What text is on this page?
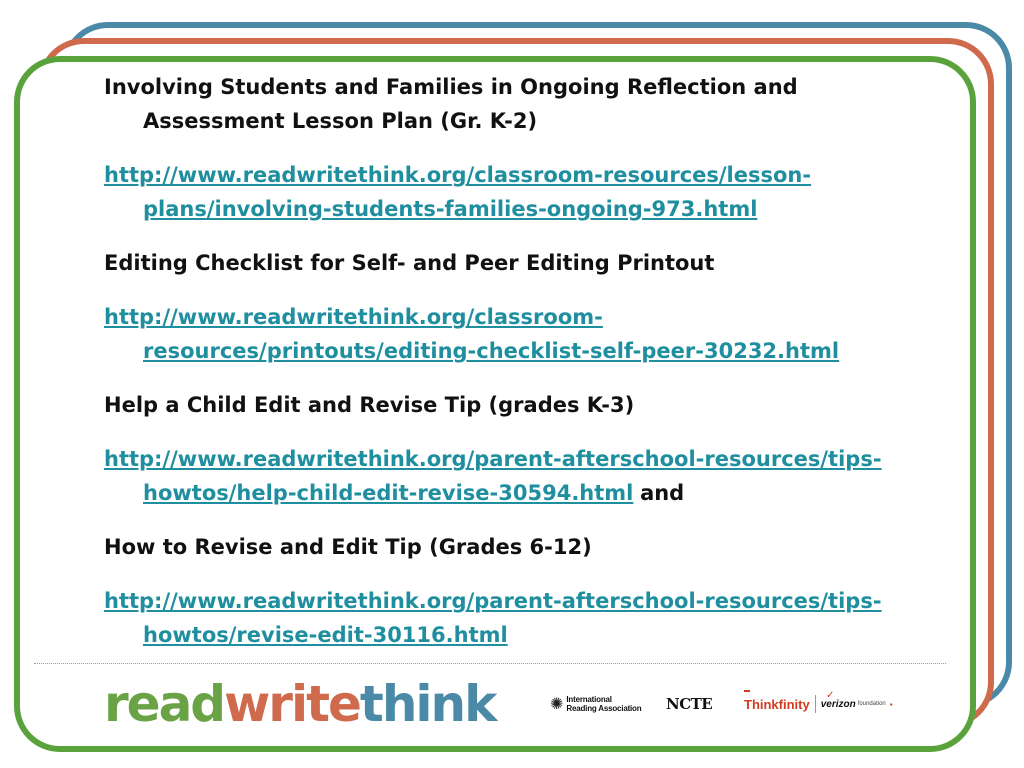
Involving Students and Families in Ongoing Reflection and Assessment Lesson Plan (Gr. K-2)

http://www.readwritethink.org/classroom-resources/lesson-plans/involving-students-families-ongoing-973.html

Editing Checklist for Self- and Peer Editing Printout

http://www.readwritethink.org/classroom-resources/printouts/editing-checklist-self-peer-30232.html

Help a Child Edit and Revise Tip (grades K-3)

http://www.readwritethink.org/parent-afterschool-resources/tips-howtos/help-child-edit-revise-30594.html and

How to Revise and Edit Tip (Grades 6-12)

http://www.readwritethink.org/parent-afterschool-resources/tips-howtos/revise-edit-30116.html

readwritethink	✺ International
Reading Association NCTE Thinkfinity
✓
verizon foundation ▪
